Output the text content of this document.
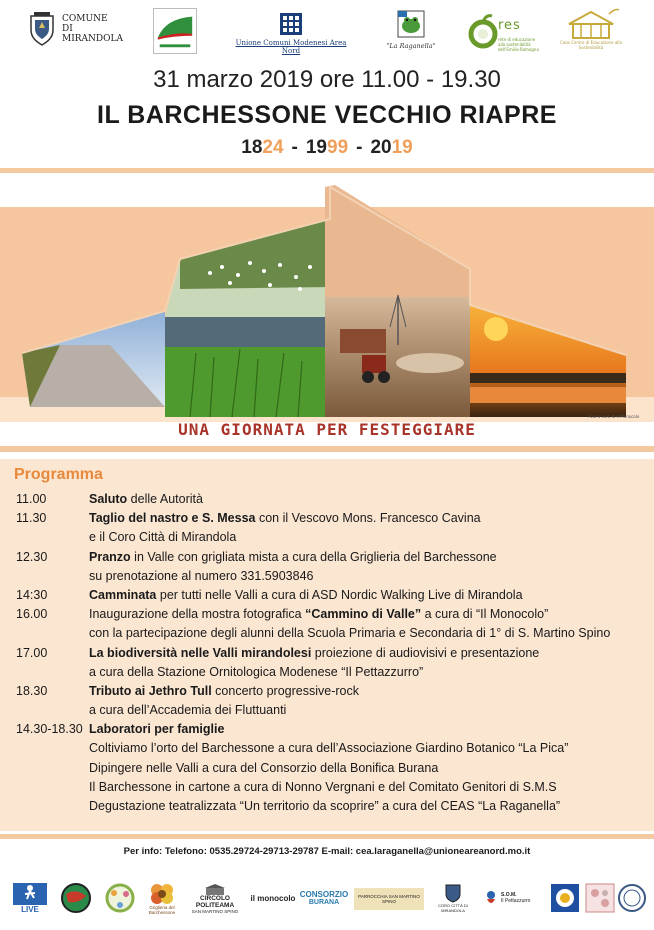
COMUNE
DI
MIRANDOLA	Unione Comuni Modenesi Area Nord
"La Raganella"
res
rete di educazione alla sostenibilità dell'Emilia-Romagna
Ceas Centro di Educazione alla Sostenibilità
31 marzo 2019 ore 11.00 - 19.30
IL BARCHESSONE VECCHIO RIAPRE
1824 - 1999 - 2019
UNA GIORNATA PER FESTEGGIARE
Foto a cura di Il Monocolo
Programma
11.00	Saluto delle Autorità
11.30	Taglio del nastro e S. Messa con il Vescovo Mons. Francesco Cavina
e il Coro Città di Mirandola
12.30	Pranzo in Valle con grigliata mista a cura della Griglieria del Barchessone
su prenotazione al numero 331.5903846
14:30	Camminata per tutti nelle Valli a cura di ASD Nordic Walking Live di Mirandola
16.00	Inaugurazione della mostra fotografica “Cammino di Valle” a cura di “Il Monocolo”
con la partecipazione degli alunni della Scuola Primaria e Secondaria di 1° di S. Martino Spino
17.00	La biodiversità nelle Valli mirandolesi proiezione di audiovisivi e presentazione
a cura della Stazione Ornitologica Modenese “Il Pettazzurro”
18.30	Tributo ai Jethro Tull concerto progressive-rock
a cura dell’Accademia dei Fluttuanti
14.30-18.30 Laboratori per famiglie
Coltiviamo l’orto del Barchessone a cura dell’Associazione Giardino Botanico “La Pica”
Dipingere nelle Valli a cura del Consorzio della Bonifica Burana
Il Barchessone in cartone a cura di Nonno Vergnani e del Comitato Genitori di S.M.S
Degustazione teatralizzata “Un territorio da scoprire” a cura del CEAS “La Raganella”
Per info: Telefono: 0535.29724-29713-29787 E-mail: cea.laraganella@unioneareanord.mo.it
LIVE	Griglieria del Barchessone
CIRCOLO POLITEAMA
SAN MARTINO SPINO
il monocolo CONSORZIO
BURANA
PARROCCHIA SAN MARTINO SPINO
CORO CITTÀ DI MIRANDOLA
S.O.M.
Il Pettazzurro
